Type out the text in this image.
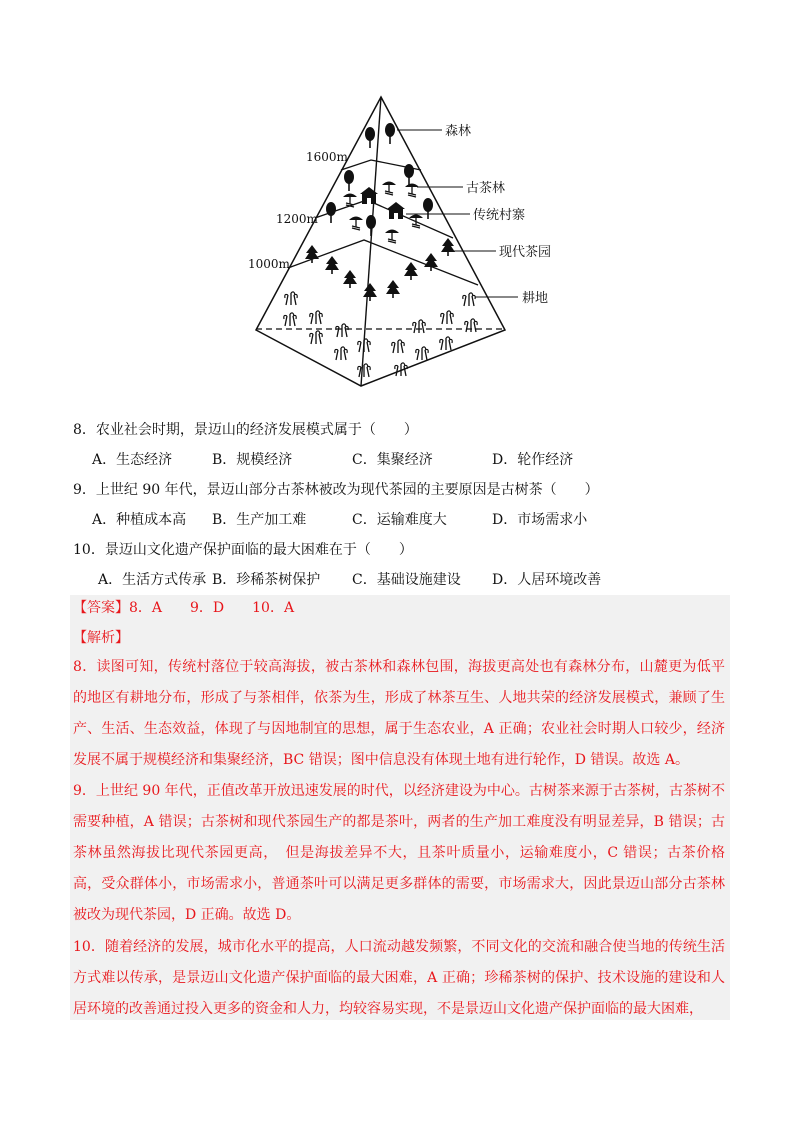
森林
古茶林
传统村寨
现代茶园
耕地
1600m
1200m
1000m
8．农业社会时期，景迈山的经济发展模式属于（　　）
A．生态经济	B．规模经济	C．集聚经济	D．轮作经济
9．上世纪 90 年代，景迈山部分古茶林被改为现代茶园的主要原因是古树茶（　　）
A．种植成本高 B．生产加工难	C．运输难度大	D．市场需求小
10．景迈山文化遗产保护面临的最大困难在于（　　）
A．生活方式传承 B．珍稀茶树保护 C．基础设施建设 D．人居环境改善
【答案】8．A　　9．D　　10．A
【解析】
8．读图可知，传统村落位于较高海拔，被古茶林和森林包围，海拔更高处也有森林分布，山麓更为低平的地区有耕地分布，形成了与茶相伴，依茶为生，形成了林茶互生、人地共荣的经济发展模式，兼顾了生产、生活、生态效益，体现了与因地制宜的思想，属于生态农业，A 正确；农业社会时期人口较少，经济发展不属于规模经济和集聚经济，BC 错误；图中信息没有体现土地有进行轮作，D 错误。故选 A。
9．上世纪 90 年代，正值改革开放迅速发展的时代，以经济建设为中心。古树茶来源于古茶树，古茶树不需要种植，A 错误；古茶树和现代茶园生产的都是茶叶，两者的生产加工难度没有明显差异，B 错误；古茶林虽然海拔比现代茶园更高，　但是海拔差异不大，且茶叶质量小，运输难度小，C 错误；古茶价格高，受众群体小，市场需求小，普通茶叶可以满足更多群体的需要，市场需求大，因此景迈山部分古茶林被改为现代茶园，D 正确。故选 D。
10．随着经济的发展，城市化水平的提高，人口流动越发频繁，不同文化的交流和融合使当地的传统生活方式难以传承，是景迈山文化遗产保护面临的最大困难，A 正确；珍稀茶树的保护、技术设施的建设和人居环境的改善通过投入更多的资金和人力，均较容易实现，不是景迈山文化遗产保护面临的最大困难，
